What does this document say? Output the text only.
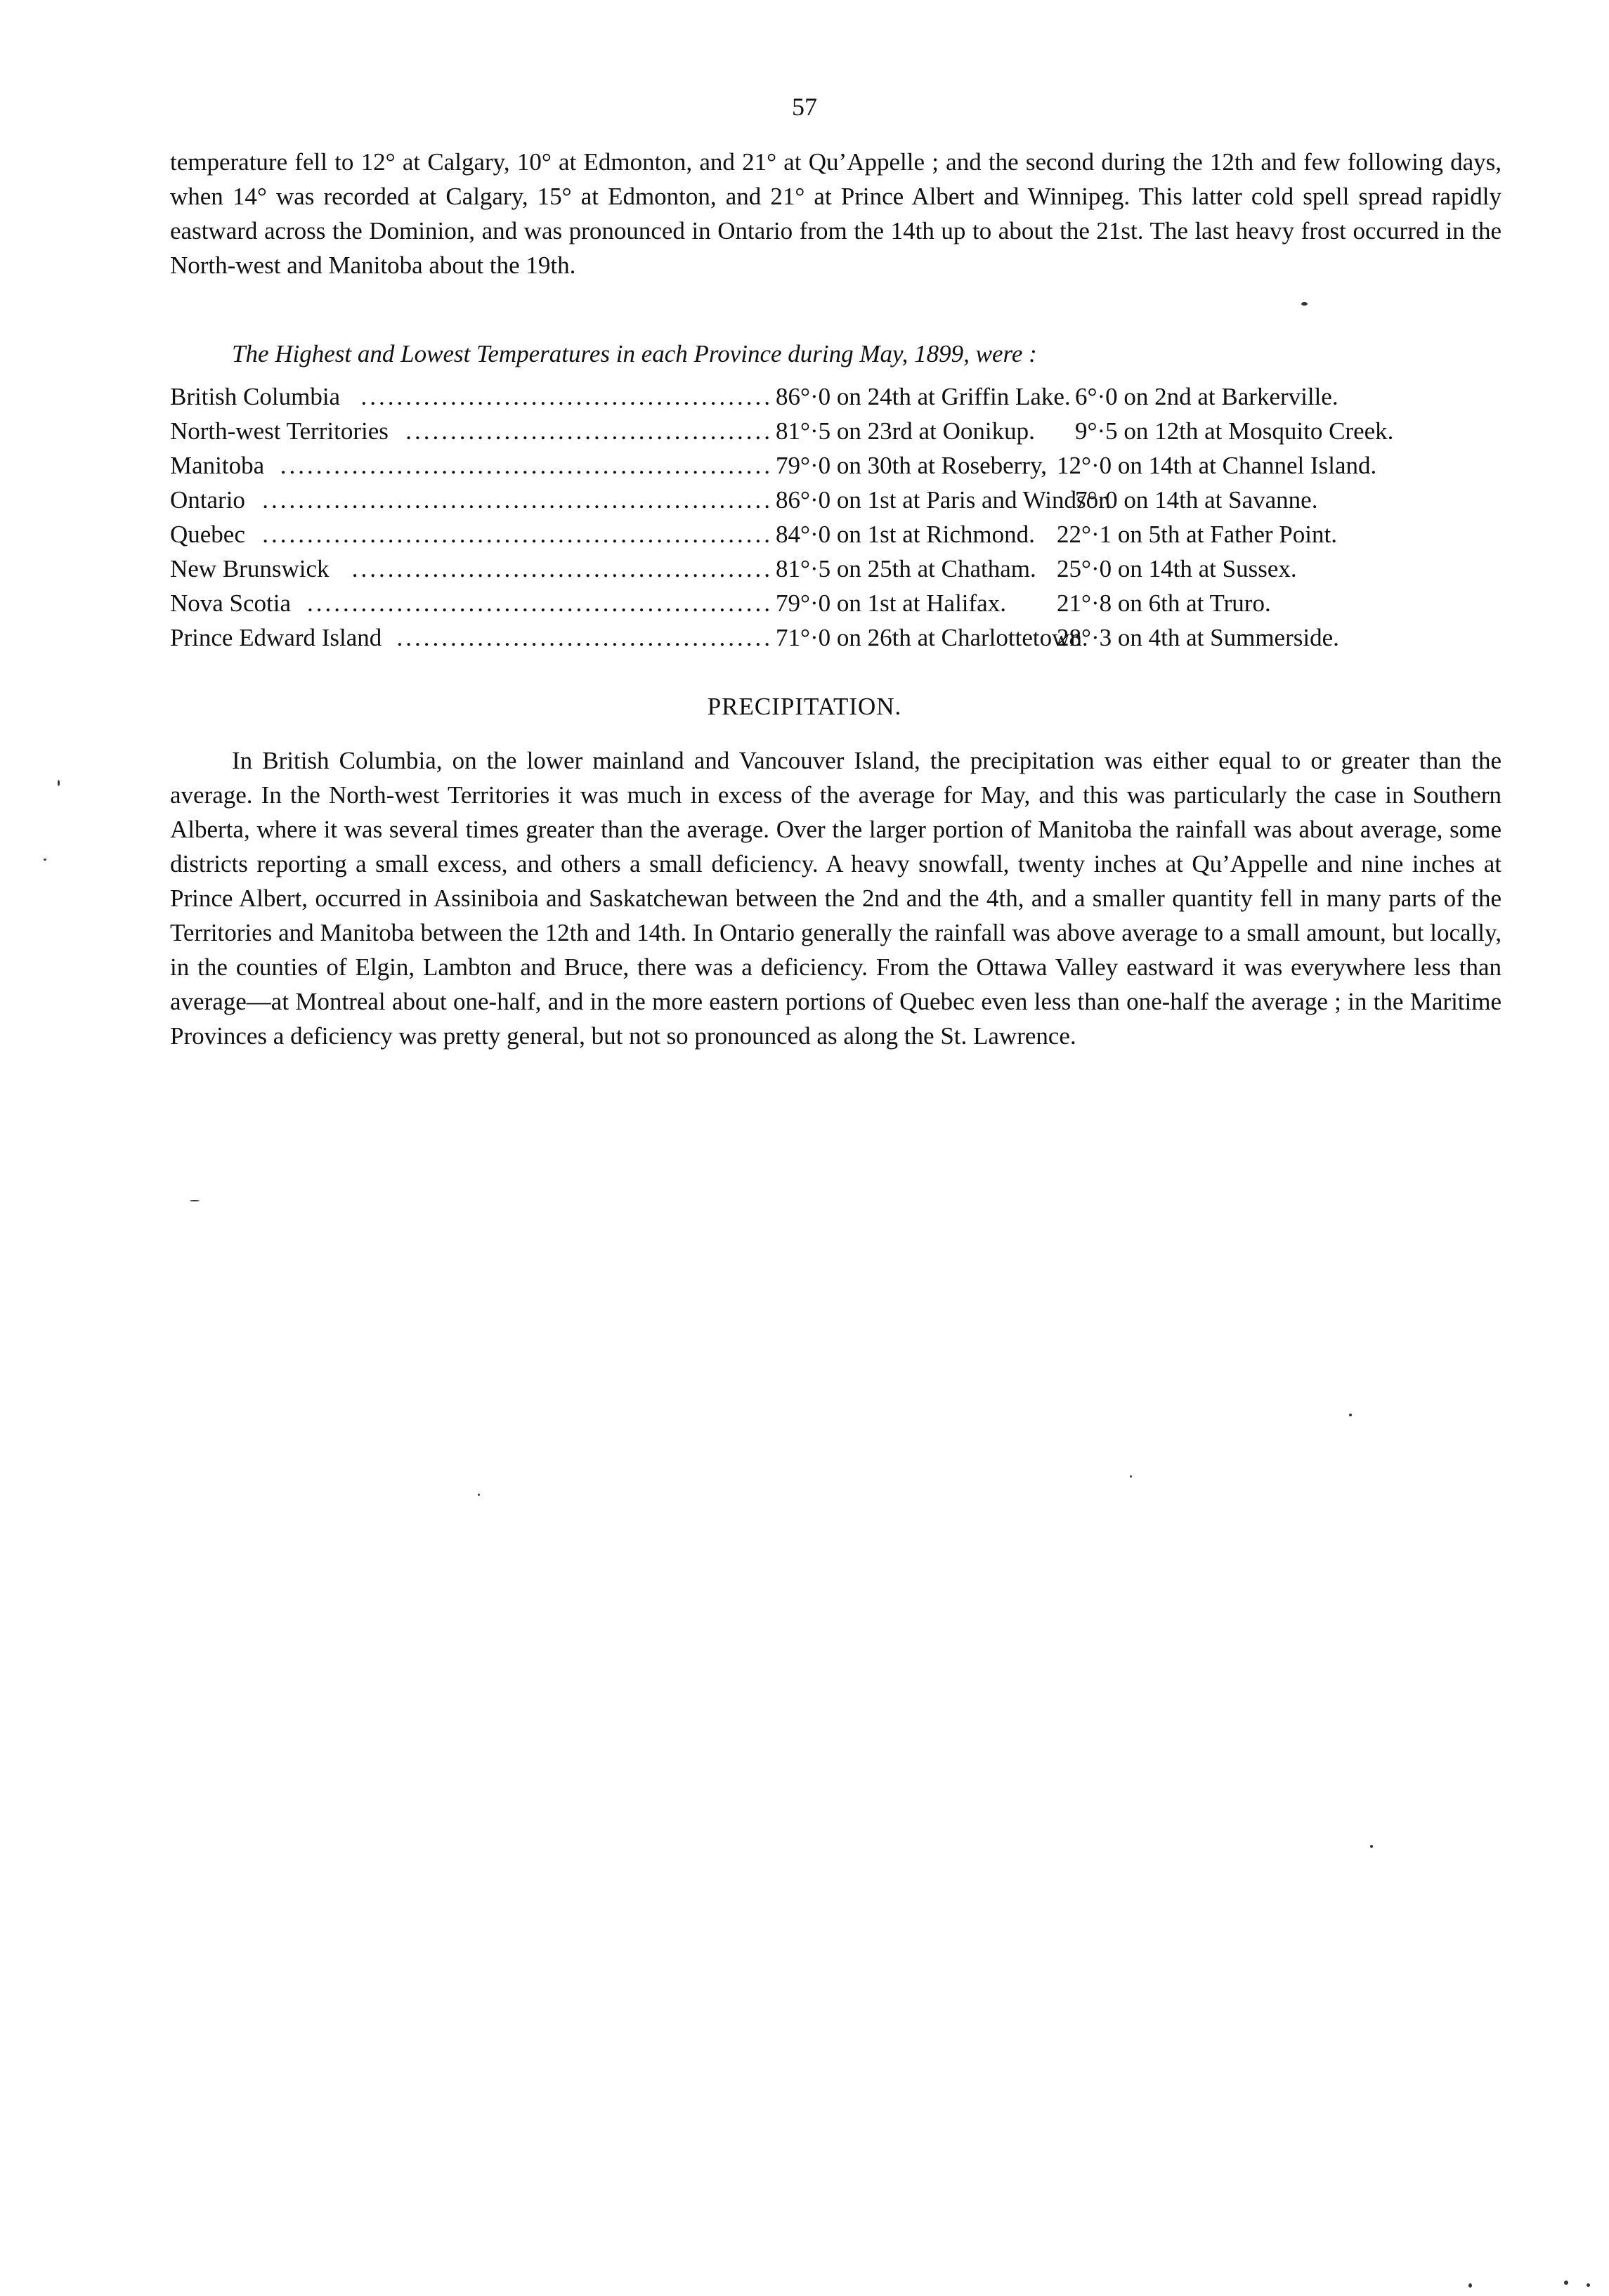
57

temperature fell to 12° at Calgary, 10° at Edmonton, and 21° at Qu’Appelle ; and the second during the 12th and few following days, when 14° was recorded at Calgary, 15° at Edmonton, and 21° at Prince Albert and Winnipeg. This latter cold spell spread rapidly eastward across the Dominion, and was pronounced in Ontario from the 14th up to about the 21st. The last heavy frost occurred in the North-west and Manitoba about the 19th.

The Highest and Lowest Temperatures in each Province during May, 1899, were :
British Columbia .............................................. 86°·0 on 24th at Griffin Lake. 6°·0 on 2nd at Barkerville.
North-west Territories ......................................... 81°·5 on 23rd at Oonikup.	9°·5 on 12th at Mosquito Creek.
Manitoba ....................................................... 79°·0 on 30th at Roseberry, 12°·0 on 14th at Channel Island.
Ontario ......................................................... 86°·0 on 1st at Paris and Windsor.
7°·0 on 14th at Savanne.
Quebec ......................................................... 84°·0 on 1st at Richmond. 22°·1 on 5th at Father Point.
New Brunswick ............................................... 81°·5 on 25th at Chatham. 25°·0 on 14th at Sussex.
Nova Scotia .................................................... 79°·0 on 1st at Halifax. 21°·8 on 6th at Truro.
Prince Edward Island .......................................... 71°·0 on 26th at Charlottetown.
28°·3 on 4th at Summerside.
PRECIPITATION.

In British Columbia, on the lower mainland and Vancouver Island, the precipitation was either equal to or greater than the average. In the North-west Territories it was much in excess of the average for May, and this was particularly the case in Southern Alberta, where it was several times greater than the average. Over the larger portion of Manitoba the rainfall was about average, some districts reporting a small excess, and others a small deficiency. A heavy snowfall, twenty inches at Qu’Appelle and nine inches at Prince Albert, occurred in Assiniboia and Saskatchewan between the 2nd and the 4th, and a smaller quantity fell in many parts of the Territories and Manitoba between the 12th and 14th. In Ontario generally the rainfall was above average to a small amount, but locally, in the counties of Elgin, Lambton and Bruce, there was a deficiency. From the Ottawa Valley eastward it was everywhere less than average—at Montreal about one-half, and in the more eastern portions of Quebec even less than one-half the average ; in the Maritime Provinces a deficiency was pretty general, but not so pronounced as along the St. Lawrence.
